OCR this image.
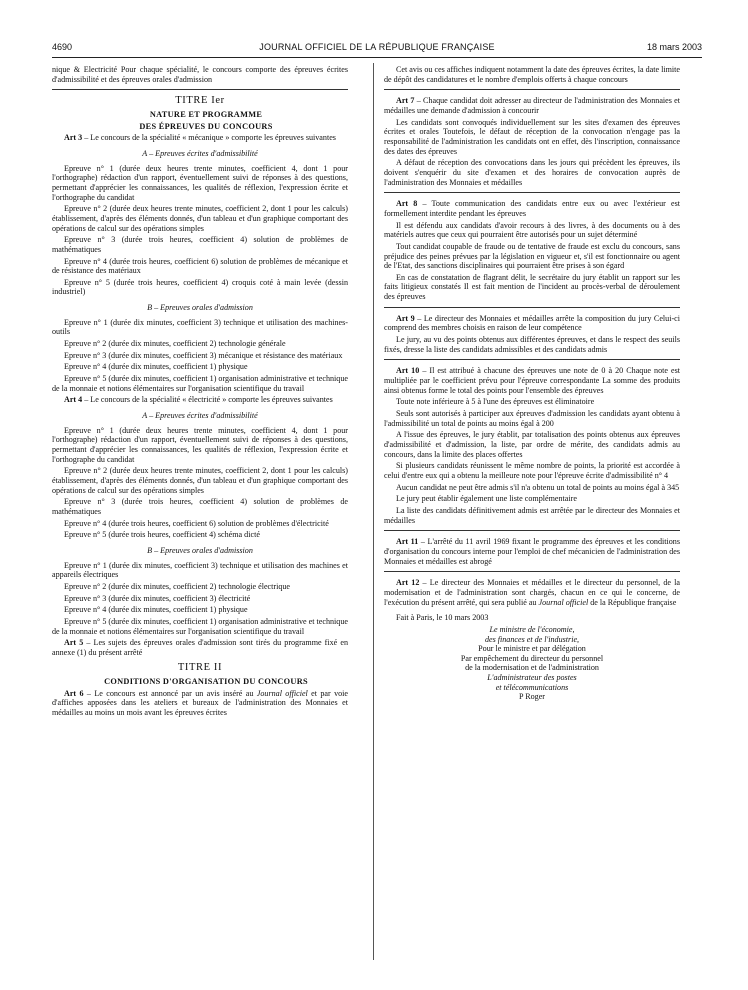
4690	JOURNAL OFFICIEL DE LA RÉPUBLIQUE FRANÇAISE	18 mars 2003

nique & Electricité Pour chaque spécialité, le concours comporte des épreuves écrites d'admissibilité et des épreuves orales d'admission

TITRE Ier

NATURE ET PROGRAMME

DES ÉPREUVES DU CONCOURS

Art 3 – Le concours de la spécialité « mécanique » comporte les épreuves suivantes

A – Epreuves écrites d'admissibilité

Epreuve n° 1 (durée deux heures trente minutes, coefficient 4, dont 1 pour l'orthographe) rédaction d'un rapport, éventuellement suivi de réponses à des questions, permettant d'apprécier les connaissances, les qualités de réflexion, l'expression écrite et l'orthographe du candidat

Epreuve n° 2 (durée deux heures trente minutes, coefficient 2, dont 1 pour les calculs) établissement, d'après des éléments donnés, d'un tableau et d'un graphique comportant des opérations de calcul sur des opérations simples

Epreuve n° 3 (durée trois heures, coefficient 4) solution de problèmes de mathématiques

Epreuve n° 4 (durée trois heures, coefficient 6) solution de problèmes de mécanique et de résistance des matériaux

Epreuve n° 5 (durée trois heures, coefficient 4) croquis coté à main levée (dessin industriel)

B – Epreuves orales d'admission

Epreuve n° 1 (durée dix minutes, coefficient 3) technique et utilisation des machines-outils

Epreuve n° 2 (durée dix minutes, coefficient 2) technologie générale

Epreuve n° 3 (durée dix minutes, coefficient 3) mécanique et résistance des matériaux

Epreuve n° 4 (durée dix minutes, coefficient 1) physique

Epreuve n° 5 (durée dix minutes, coefficient 1) organisation administrative et technique de la monnaie et notions élémentaires sur l'organisation scientifique du travail

Art 4 – Le concours de la spécialité « électricité » comporte les épreuves suivantes

A – Epreuves écrites d'admissibilité

Epreuve n° 1 (durée deux heures trente minutes, coefficient 4, dont 1 pour l'orthographe) rédaction d'un rapport, éventuellement suivi de réponses à des questions, permettant d'apprécier les connaissances, les qualités de réflexion, l'expression écrite et l'orthographe du candidat

Epreuve n° 2 (durée deux heures trente minutes, coefficient 2, dont 1 pour les calculs) établissement, d'après des éléments donnés, d'un tableau et d'un graphique comportant des opérations de calcul sur des opérations simples

Epreuve n° 3 (durée trois heures, coefficient 4) solution de problèmes de mathématiques

Epreuve n° 4 (durée trois heures, coefficient 6) solution de problèmes d'électricité

Epreuve n° 5 (durée trois heures, coefficient 4) schéma dicté

B – Epreuves orales d'admission

Epreuve n° 1 (durée dix minutes, coefficient 3) technique et utilisation des machines et appareils électriques

Epreuve n° 2 (durée dix minutes, coefficient 2) technologie électrique

Epreuve n° 3 (durée dix minutes, coefficient 3) électricité

Epreuve n° 4 (durée dix minutes, coefficient 1) physique

Epreuve n° 5 (durée dix minutes, coefficient 1) organisation administrative et technique de la monnaie et notions élémentaires sur l'organisation scientifique du travail

Art 5 – Les sujets des épreuves orales d'admission sont tirés du programme fixé en annexe (1) du présent arrêté

TITRE II

CONDITIONS D'ORGANISATION DU CONCOURS

Art 6 – Le concours est annoncé par un avis inséré au Journal officiel et par voie d'affiches apposées dans les ateliers et bureaux de l'administration des Monnaies et médailles au moins un mois avant les épreuves écrites

Cet avis ou ces affiches indiquent notamment la date des épreuves écrites, la date limite de dépôt des candidatures et le nombre d'emplois offerts à chaque concours

Art 7 – Chaque candidat doit adresser au directeur de l'administration des Monnaies et médailles une demande d'admission à concourir

Les candidats sont convoqués individuellement sur les sites d'examen des épreuves écrites et orales Toutefois, le défaut de réception de la convocation n'engage pas la responsabilité de l'administration les candidats ont en effet, dès l'inscription, connaissance des dates des épreuves

A défaut de réception des convocations dans les jours qui précèdent les épreuves, ils doivent s'enquérir du site d'examen et des horaires de convocation auprès de l'administration des Monnaies et médailles

Art 8 – Toute communication des candidats entre eux ou avec l'extérieur est formellement interdite pendant les épreuves

Il est défendu aux candidats d'avoir recours à des livres, à des documents ou à des matériels autres que ceux qui pourraient être autorisés pour un sujet déterminé

Tout candidat coupable de fraude ou de tentative de fraude est exclu du concours, sans préjudice des peines prévues par la législation en vigueur et, s'il est fonctionnaire ou agent de l'Etat, des sanctions disciplinaires qui pourraient être prises à son égard

En cas de constatation de flagrant délit, le secrétaire du jury établit un rapport sur les faits litigieux constatés Il est fait mention de l'incident au procès-verbal de déroulement des épreuves

Art 9 – Le directeur des Monnaies et médailles arrête la composition du jury Celui-ci comprend des membres choisis en raison de leur compétence

Le jury, au vu des points obtenus aux différentes épreuves, et dans le respect des seuils fixés, dresse la liste des candidats admissibles et des candidats admis

Art 10 – Il est attribué à chacune des épreuves une note de 0 à 20 Chaque note est multipliée par le coefficient prévu pour l'épreuve correspondante La somme des produits ainsi obtenus forme le total des points pour l'ensemble des épreuves

Toute note inférieure à 5 à l'une des épreuves est éliminatoire

Seuls sont autorisés à participer aux épreuves d'admission les candidats ayant obtenu à l'admissibilité un total de points au moins égal à 200

A l'issue des épreuves, le jury établit, par totalisation des points obtenus aux épreuves d'admissibilité et d'admission, la liste, par ordre de mérite, des candidats admis au concours, dans la limite des places offertes

Si plusieurs candidats réunissent le même nombre de points, la priorité est accordée à celui d'entre eux qui a obtenu la meilleure note pour l'épreuve écrite d'admissibilité n° 4

Aucun candidat ne peut être admis s'il n'a obtenu un total de points au moins égal à 345

Le jury peut établir également une liste complémentaire

La liste des candidats définitivement admis est arrêtée par le directeur des Monnaies et médailles

Art 11 – L'arrêté du 11 avril 1969 fixant le programme des épreuves et les conditions d'organisation du concours interne pour l'emploi de chef mécanicien de l'administration des Monnaies et médailles est abrogé

Art 12 – Le directeur des Monnaies et médailles et le directeur du personnel, de la modernisation et de l'administration sont chargés, chacun en ce qui le concerne, de l'exécution du présent arrêté, qui sera publié au Journal officiel de la République française

Fait à Paris, le 10 mars 2003

Le ministre de l'économie,

des finances et de l'industrie,

Pour le ministre et par délégation

Par empêchement du directeur du personnel

de la modernisation et de l'administration

L'administrateur des postes

et télécommunications

P Roger
